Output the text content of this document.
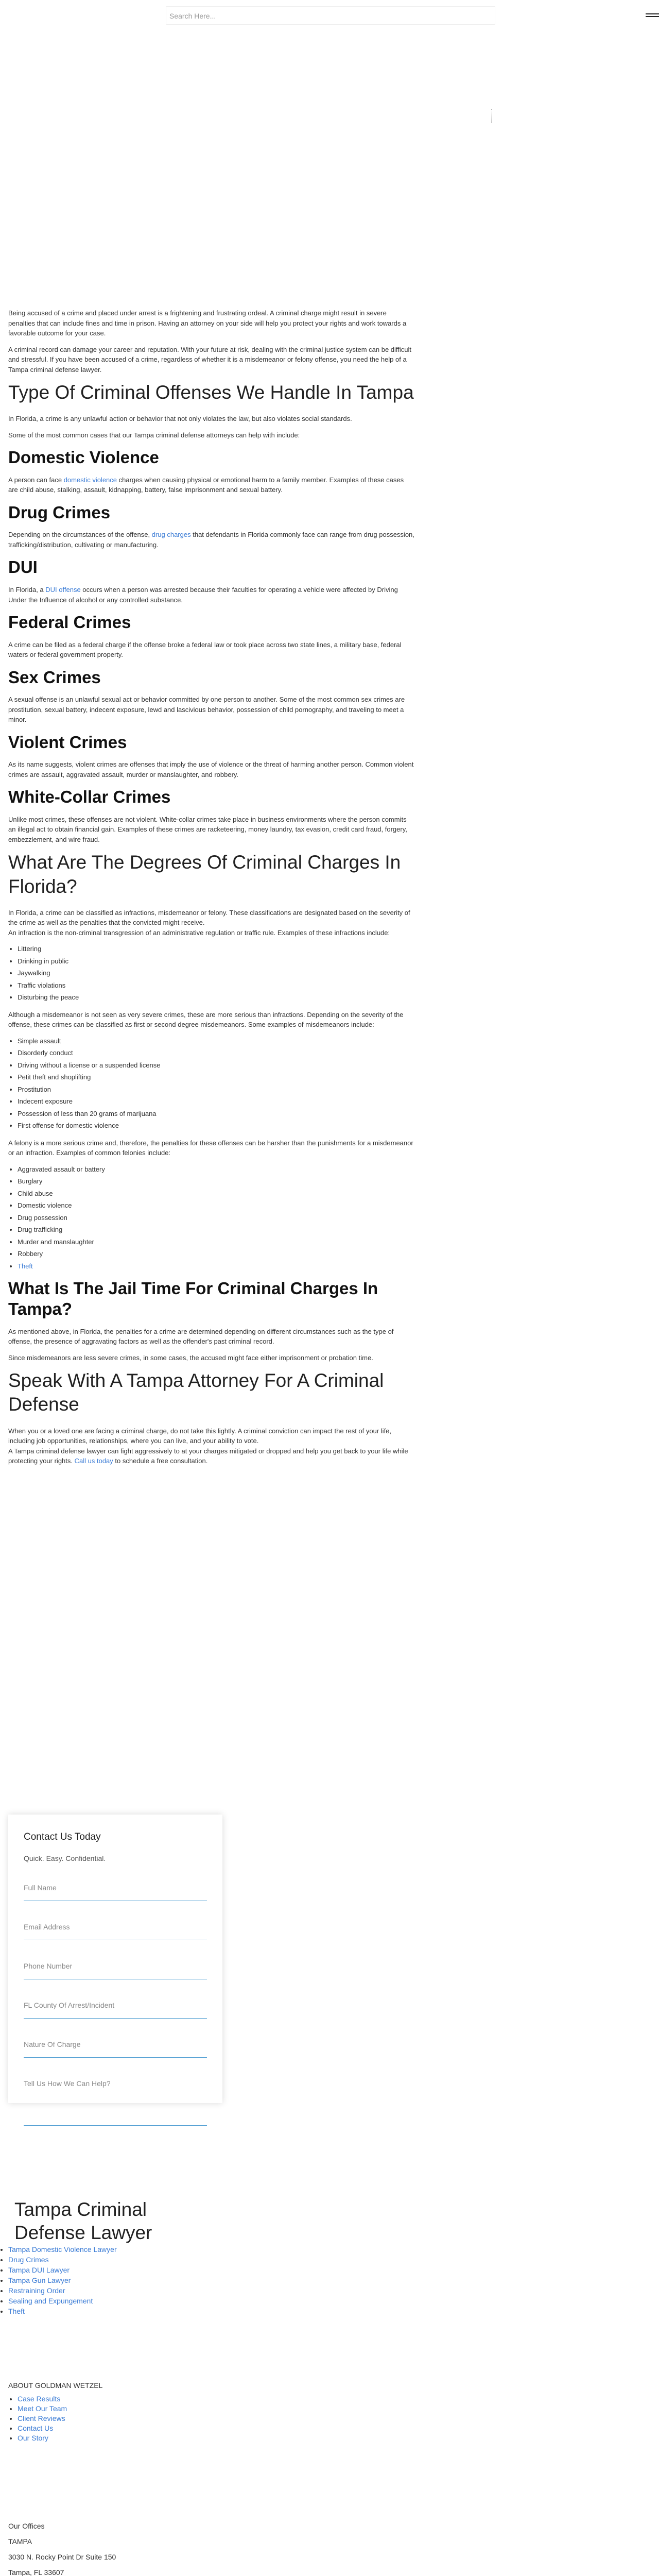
Search Here...

Being accused of a crime and placed under arrest is a frightening and frustrating ordeal. A criminal charge might result in severe penalties that can include fines and time in prison. Having an attorney on your side will help you protect your rights and work towards a favorable outcome for your case.

A criminal record can damage your career and reputation. With your future at risk, dealing with the criminal justice system can be difficult and stressful. If you have been accused of a crime, regardless of whether it is a misdemeanor or felony offense, you need the help of a Tampa criminal defense lawyer.

Type Of Criminal Offenses We Handle In Tampa

In Florida, a crime is any unlawful action or behavior that not only violates the law, but also violates social standards.

Some of the most common cases that our Tampa criminal defense attorneys can help with include:

Domestic Violence

A person can face domestic violence charges when causing physical or emotional harm to a family member. Examples of these cases are child abuse, stalking, assault, kidnapping, battery, false imprisonment and sexual battery.

Drug Crimes

Depending on the circumstances of the offense, drug charges that defendants in Florida commonly face can range from drug possession, trafficking/distribution, cultivating or manufacturing.

DUI

In Florida, a DUI offense occurs when a person was arrested because their faculties for operating a vehicle were affected by Driving Under the Influence of alcohol or any controlled substance.

Federal Crimes

A crime can be filed as a federal charge if the offense broke a federal law or took place across two state lines, a military base, federal waters or federal government property.

Sex Crimes

A sexual offense is an unlawful sexual act or behavior committed by one person to another. Some of the most common sex crimes are prostitution, sexual battery, indecent exposure, lewd and lascivious behavior, possession of child pornography, and traveling to meet a minor.

Violent Crimes

As its name suggests, violent crimes are offenses that imply the use of violence or the threat of harming another person. Common violent crimes are assault, aggravated assault, murder or manslaughter, and robbery.

White-Collar Crimes

Unlike most crimes, these offenses are not violent. White-collar crimes take place in business environments where the person commits an illegal act to obtain financial gain. Examples of these crimes are racketeering, money laundry, tax evasion, credit card fraud, forgery, embezzlement, and wire fraud.

What Are The Degrees Of Criminal Charges In Florida?

In Florida, a crime can be classified as infractions, misdemeanor or felony. These classifications are designated based on the severity of the crime as well as the penalties that the convicted might receive.

An infraction is the non-criminal transgression of an administrative regulation or traffic rule. Examples of these infractions include:

• Littering
• Drinking in public
• Jaywalking
• Traffic violations
• Disturbing the peace

Although a misdemeanor is not seen as very severe crimes, these are more serious than infractions. Depending on the severity of the offense, these crimes can be classified as first or second degree misdemeanors. Some examples of misdemeanors include:

• Simple assault
• Disorderly conduct
• Driving without a license or a suspended license
• Petit theft and shoplifting
• Prostitution
• Indecent exposure
• Possession of less than 20 grams of marijuana
• First offense for domestic violence

A felony is a more serious crime and, therefore, the penalties for these offenses can be harsher than the punishments for a misdemeanor or an infraction. Examples of common felonies include:

• Aggravated assault or battery
• Burglary
• Child abuse
• Domestic violence
• Drug possession
• Drug trafficking
• Murder and manslaughter
• Robbery
• Theft
What Is The Jail Time For Criminal Charges In Tampa?

As mentioned above, in Florida, the penalties for a crime are determined depending on different circumstances such as the type of offense, the presence of aggravating factors as well as the offender's past criminal record.

Since misdemeanors are less severe crimes, in some cases, the accused might face either imprisonment or probation time.

Speak With A Tampa Attorney For A Criminal Defense

When you or a loved one are facing a criminal charge, do not take this lightly. A criminal conviction can impact the rest of your life, including job opportunities, relationships, where you can live, and your ability to vote.

A Tampa criminal defense lawyer can fight aggressively to at your charges mitigated or dropped and help you get back to your life while protecting your rights. Call us today to schedule a free consultation.

Contact Us Today
Quick. Easy. Confidential.
Full Name
Email Address
Phone Number
FL County Of Arrest/Incident
Nature Of Charge
Tell Us How We Can Help?
Tampa Criminal Defense Lawyer
• Tampa Domestic Violence Lawyer
• Drug Crimes
• Tampa DUI Lawyer
• Tampa Gun Lawyer
• Restraining Order
• Sealing and Expungement
• Theft
ABOUT GOLDMAN WETZEL
• Case Results
• Meet Our Team
• Client Reviews
• Contact Us
• Our Story
Our Offices
TAMPA
3030 N. Rocky Point Dr Suite 150
Tampa, FL 33607
